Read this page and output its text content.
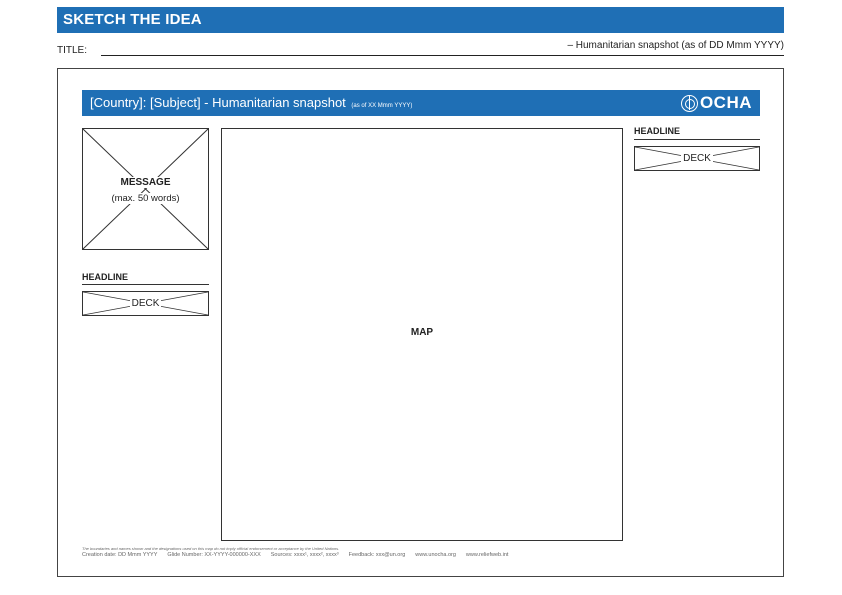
SKETCH THE IDEA
TITLE:	– Humanitarian snapshot (as of DD Mmm YYYY)
[Country]: [Subject] - Humanitarian snapshot (as of XX Mmm YYYY)	OCHA
MESSAGE
(max. 50 words)
HEADLINE
DECK
HEADLINE
DECK
MAP
The boundaries and names shown and the designations used on this map do not imply official endorsement or acceptance by the United Nations.
Creation date: DD Mmm YYYY Glide Number: XX-YYYY-000000-XXX Sources: xxxx¹, xxxx², xxxx³ Feedback: xxx@un.org www.unocha.org www.reliefweb.int
